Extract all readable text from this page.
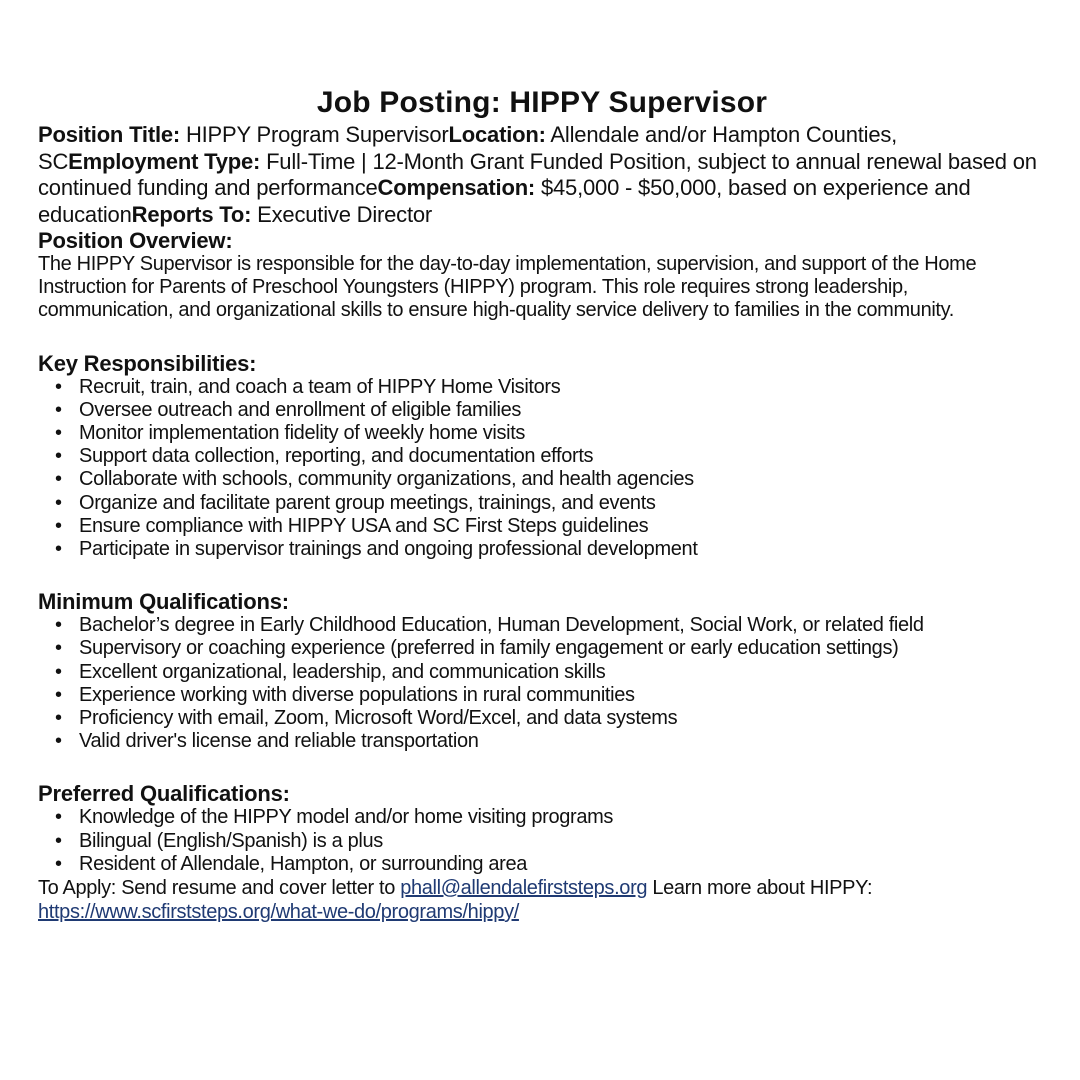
Job Posting: HIPPY Supervisor

Position Title: HIPPY Program SupervisorLocation: Allendale and/or Hampton Counties, SCEmployment Type: Full-Time | 12-Month Grant Funded Position, subject to annual renewal based on continued funding and performanceCompensation: $45,000 - $50,000, based on experience and educationReports To: Executive Director

Position Overview:

The HIPPY Supervisor is responsible for the day-to-day implementation, supervision, and support of the Home Instruction for Parents of Preschool Youngsters (HIPPY) program. This role requires strong leadership, communication, and organizational skills to ensure high-quality service delivery to families in the community.

Key Responsibilities:
• Recruit, train, and coach a team of HIPPY Home Visitors
• Oversee outreach and enrollment of eligible families
• Monitor implementation fidelity of weekly home visits
• Support data collection, reporting, and documentation efforts
• Collaborate with schools, community organizations, and health agencies
• Organize and facilitate parent group meetings, trainings, and events
• Ensure compliance with HIPPY USA and SC First Steps guidelines
• Participate in supervisor trainings and ongoing professional development
Minimum Qualifications:
• Bachelor’s degree in Early Childhood Education, Human Development, Social Work, or related field
• Supervisory or coaching experience (preferred in family engagement or early education settings)
• Excellent organizational, leadership, and communication skills
• Experience working with diverse populations in rural communities
• Proficiency with email, Zoom, Microsoft Word/Excel, and data systems
• Valid driver's license and reliable transportation
Preferred Qualifications:
• Knowledge of the HIPPY model and/or home visiting programs
• Bilingual (English/Spanish) is a plus
• Resident of Allendale, Hampton, or surrounding area

To Apply: Send resume and cover letter to phall@allendalefirststeps.org Learn more about HIPPY: https://www.scfirststeps.org/what-we-do/programs/hippy/
